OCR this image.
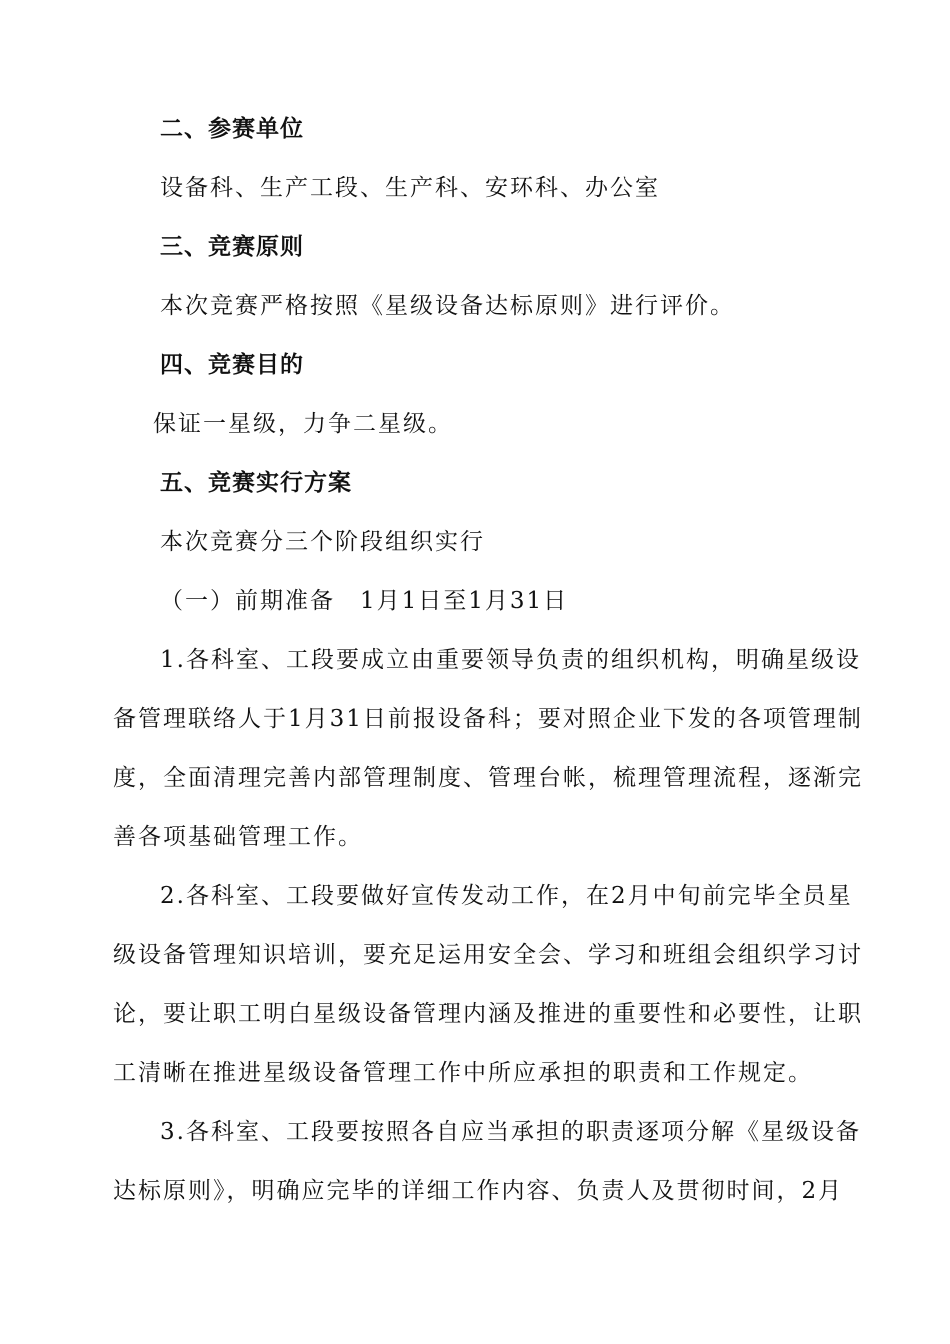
二、参赛单位
设备科、生产工段、生产科、安环科、办公室
三、竞赛原则
本次竞赛严格按照《星级设备达标原则》进行评价。
四、竞赛目的
保证一星级，力争二星级。
五、竞赛实行方案
本次竞赛分三个阶段组织实行
（一）前期准备　1月1日至1月31日
1.各科室、工段要成立由重要领导负责的组织机构，明确星级设
备管理联络人于1月31日前报设备科；要对照企业下发的各项管理制
度，全面清理完善内部管理制度、管理台帐，梳理管理流程，逐渐完
善各项基础管理工作。
2.各科室、工段要做好宣传发动工作，在2月中旬前完毕全员星
级设备管理知识培训，要充足运用安全会、学习和班组会组织学习讨
论，要让职工明白星级设备管理内涵及推进的重要性和必要性，让职
工清晰在推进星级设备管理工作中所应承担的职责和工作规定。
3.各科室、工段要按照各自应当承担的职责逐项分解《星级设备
达标原则》，明确应完毕的详细工作内容、负责人及贯彻时间，2月
